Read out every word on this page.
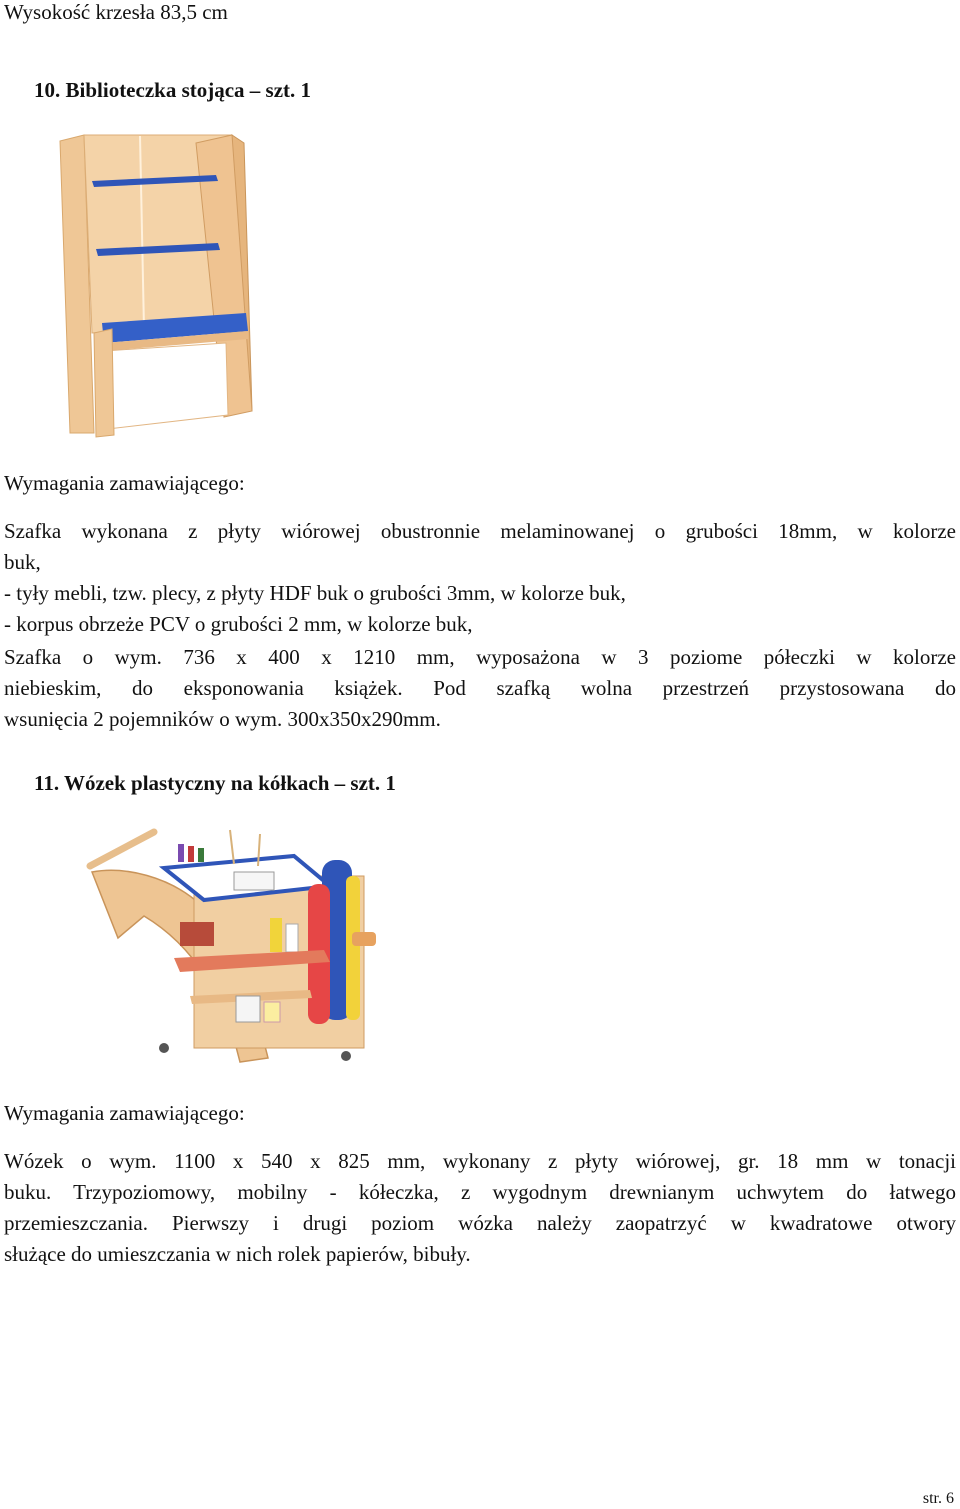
Wysokość krzesła 83,5 cm
10. Biblioteczka stojąca – szt. 1
Wymagania zamawiającego:
Szafka wykonana z płyty wiórowej obustronnie melaminowanej o grubości 18mm, w kolorze
buk,
- tyły mebli, tzw. plecy, z płyty HDF buk o grubości 3mm, w kolorze buk,
- korpus obrzeże PCV o grubości 2 mm, w kolorze buk,
Szafka o wym. 736 x 400 x 1210 mm, wyposażona w 3 poziome półeczki w kolorze
niebieskim, do eksponowania książek. Pod szafką wolna przestrzeń przystosowana do
wsunięcia 2 pojemników o wym. 300x350x290mm.
11. Wózek plastyczny na kółkach – szt. 1
Wymagania zamawiającego:
Wózek o wym. 1100 x 540 x 825 mm, wykonany z płyty wiórowej, gr. 18 mm w tonacji
buku. Trzypoziomowy, mobilny - kółeczka, z wygodnym drewnianym uchwytem do łatwego
przemieszczania. Pierwszy i drugi poziom wózka należy zaopatrzyć w kwadratowe otwory
służące do umieszczania w nich rolek papierów, bibuły.
str. 6
